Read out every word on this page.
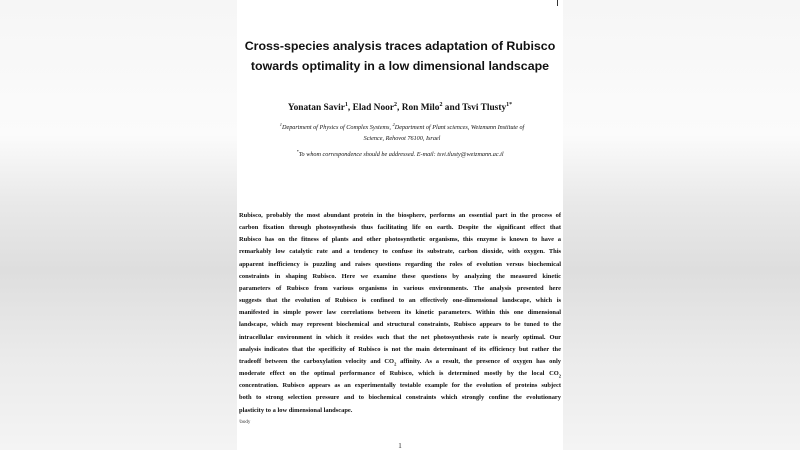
Cross-species analysis traces adaptation of Rubisco
towards optimality in a low dimensional landscape
Yonatan Savir$^1$, Elad Noor$^2$, Ron Milo$^2$ and Tsvi Tlusty$^{1*}$
$^1$Department of Physics of Complex Systems, $^2$Department of Plant sciences, Weizmann Institute of
Science, Rehovot 76100, Israel
*To whom correspondence should be addressed. E-mail: tsvi.tlusty@weizmann.ac.il
Rubisco, probably the most abundant protein in the biosphere, performs an essential part in the process of
carbon fixation through photosynthesis thus facilitating life on earth. Despite the significant effect that
Rubisco has on the fitness of plants and other photosynthetic organisms, this enzyme is known to have a
remarkably low catalytic rate and a tendency to confuse its substrate, carbon dioxide, with oxygen. This
apparent inefficiency is puzzling and raises questions regarding the roles of evolution versus biochemical
constraints in shaping Rubisco. Here we examine these questions by analyzing the measured kinetic
parameters of Rubisco from various organisms in various environments. The analysis presented here
suggests that the evolution of Rubisco is confined to an effectively one-dimensional landscape, which is
manifested in simple power law correlations between its kinetic parameters. Within this one dimensional
landscape, which may represent biochemical and structural constraints, Rubisco appears to be tuned to the
intracellular environment in which it resides such that the net photosynthesis rate is nearly optimal. Our
analysis indicates that the specificity of Rubisco is not the main determinant of its efficiency but rather the
tradeoff between the carboxylation velocity and $CO_2$ affinity. As a result, the presence of oxygen has only
moderate effect on the optimal performance of Rubisco, which is determined mostly by the local $CO_2$
concentration. Rubisco appears as an experimentally testable example for the evolution of proteins subject
both to strong selection pressure and to biochemical constraints which strongly confine the evolutionary
plasticity to a low dimensional landscape.
\body
1
